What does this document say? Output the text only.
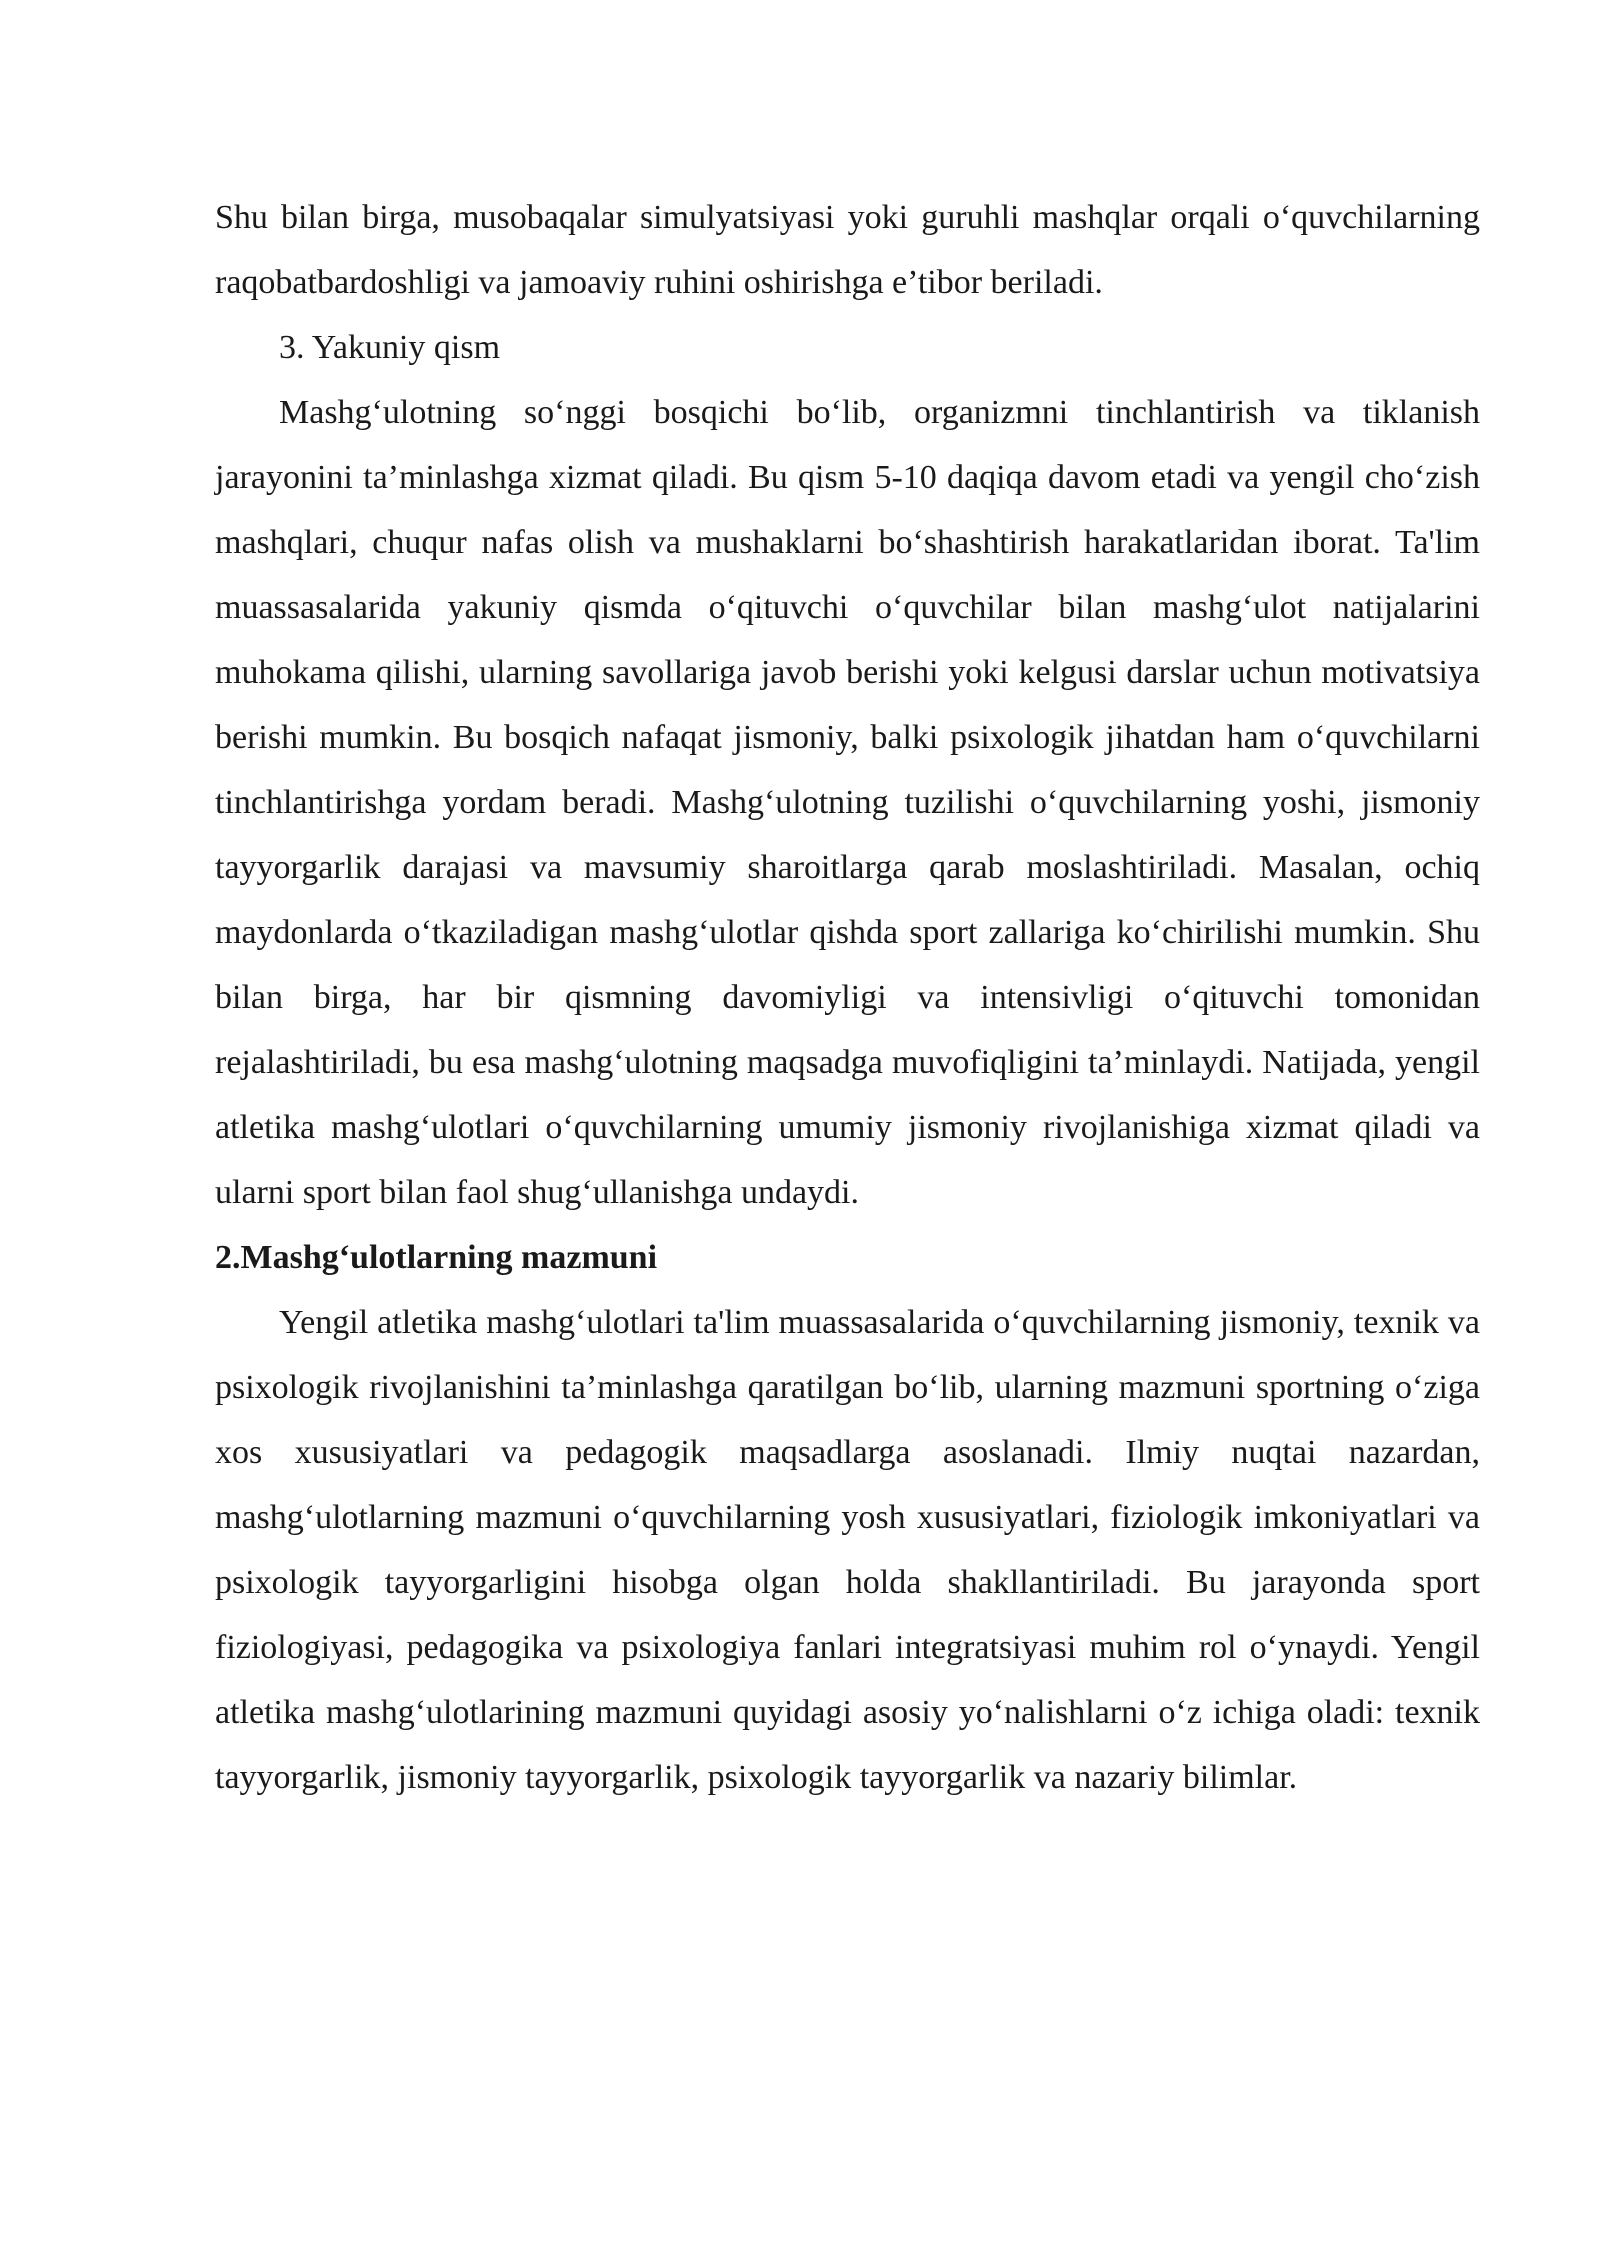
Shu bilan birga, musobaqalar simulyatsiyasi yoki guruhli mashqlar orqali o‘quvchilarning raqobatbardoshligi va jamoaviy ruhini oshirishga e’tibor beriladi.

3. Yakuniy qism

Mashg‘ulotning so‘nggi bosqichi bo‘lib, organizmni tinchlantirish va tiklanish jarayonini ta’minlashga xizmat qiladi. Bu qism 5-10 daqiqa davom etadi va yengil cho‘zish mashqlari, chuqur nafas olish va mushaklarni bo‘shashtirish harakatlaridan iborat. Ta'lim muassasalarida yakuniy qismda o‘qituvchi o‘quvchilar bilan mashg‘ulot natijalarini muhokama qilishi, ularning savollariga javob berishi yoki kelgusi darslar uchun motivatsiya berishi mumkin. Bu bosqich nafaqat jismoniy, balki psixologik jihatdan ham o‘quvchilarni tinchlantirishga yordam beradi. Mashg‘ulotning tuzilishi o‘quvchilarning yoshi, jismoniy tayyorgarlik darajasi va mavsumiy sharoitlarga qarab moslashtiriladi. Masalan, ochiq maydonlarda o‘tkaziladigan mashg‘ulotlar qishda sport zallariga ko‘chirilishi mumkin. Shu bilan birga, har bir qismning davomiyligi va intensivligi o‘qituvchi tomonidan rejalashtiriladi, bu esa mashg‘ulotning maqsadga muvofiqligini ta’minlaydi. Natijada, yengil atletika mashg‘ulotlari o‘quvchilarning umumiy jismoniy rivojlanishiga xizmat qiladi va ularni sport bilan faol shug‘ullanishga undaydi.

2.Mashg‘ulotlarning mazmuni

Yengil atletika mashg‘ulotlari ta'lim muassasalarida o‘quvchilarning jismoniy, texnik va psixologik rivojlanishini ta’minlashga qaratilgan bo‘lib, ularning mazmuni sportning o‘ziga xos xususiyatlari va pedagogik maqsadlarga asoslanadi. Ilmiy nuqtai nazardan, mashg‘ulotlarning mazmuni o‘quvchilarning yosh xususiyatlari, fiziologik imkoniyatlari va psixologik tayyorgarligini hisobga olgan holda shakllantiriladi. Bu jarayonda sport fiziologiyasi, pedagogika va psixologiya fanlari integratsiyasi muhim rol o‘ynaydi. Yengil atletika mashg‘ulotlarining mazmuni quyidagi asosiy yo‘nalishlarni o‘z ichiga oladi: texnik tayyorgarlik, jismoniy tayyorgarlik, psixologik tayyorgarlik va nazariy bilimlar.
